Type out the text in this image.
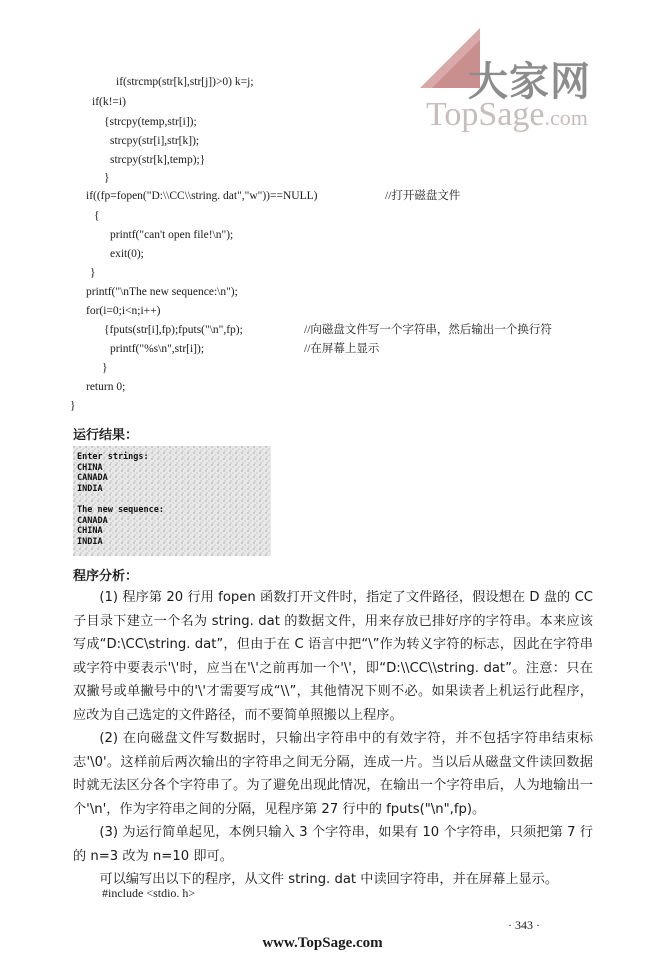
大家网
TopSage.com
if(strcmp(str[k],str[j])>0) k=j;
if(k!=i)
{strcpy(temp,str[i]);
strcpy(str[i],str[k]);
strcpy(str[k],temp);}
}
if((fp=fopen("D:\\CC\\string. dat","w"))==NULL)	//打开磁盘文件
{
printf("can't open file!\n");
exit(0);
}
printf("\nThe new sequence:\n");
for(i=0;i<n;i++)
{fputs(str[i],fp);fputs("\n",fp);	//向磁盘文件写一个字符串，然后输出一个换行符
printf("%s\n",str[i]);	//在屏幕上显示
}
return 0;
}
运行结果：
Enter strings:
CHINA
CANADA
INDIA
The new sequence:
CANADA
CHINA
INDIA
程序分析：

(1) 程序第 20 行用 fopen 函数打开文件时，指定了文件路径，假设想在 D 盘的 CC 子目录下建立一个名为 string. dat 的数据文件，用来存放已排好序的字符串。本来应该写成“D:\CC\string. dat”，但由于在 C 语言中把“\”作为转义字符的标志，因此在字符串或字符中要表示'\'时，应当在'\'之前再加一个'\'，即“D:\\CC\\string. dat”。注意：只在双撇号或单撇号中的'\'才需要写成“\\”，其他情况下则不必。如果读者上机运行此程序，应改为自己选定的文件路径，而不要简单照搬以上程序。

(2) 在向磁盘文件写数据时，只输出字符串中的有效字符，并不包括字符串结束标志'\0'。这样前后两次输出的字符串之间无分隔，连成一片。当以后从磁盘文件读回数据时就无法区分各个字符串了。为了避免出现此情况，在输出一个字符串后，人为地输出一个'\n'，作为字符串之间的分隔，见程序第 27 行中的 fputs("\n",fp)。

(3) 为运行简单起见，本例只输入 3 个字符串，如果有 10 个字符串，只须把第 7 行的 n=3 改为 n=10 即可。

可以编写出以下的程序，从文件 string. dat 中读回字符串，并在屏幕上显示。

#include <stdio. h>
· 343 ·
www.TopSage.com
